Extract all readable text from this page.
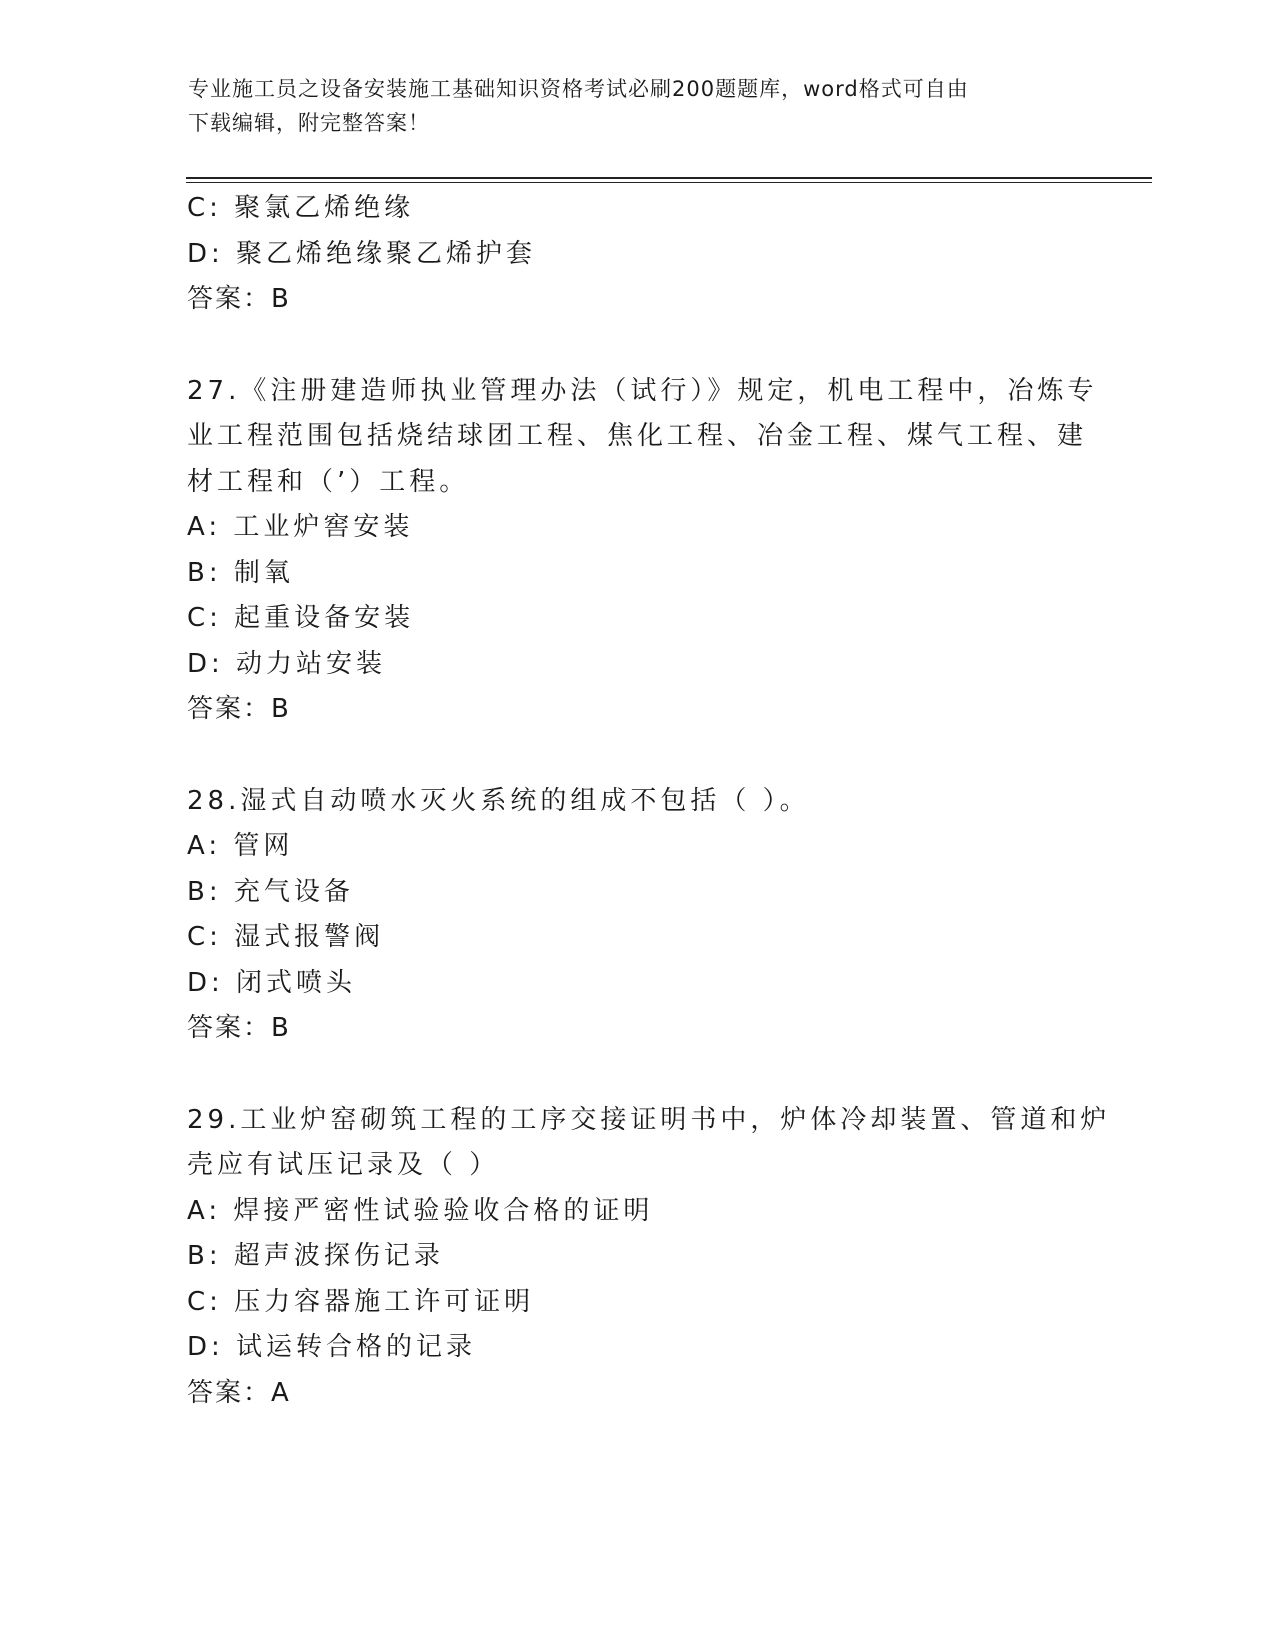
专业施工员之设备安装施工基础知识资格考试必刷200题题库，word格式可自由
下载编辑，附完整答案！
C: 聚氯乙烯绝缘
D: 聚乙烯绝缘聚乙烯护套
答案：B
27.《注册建造师执业管理办法（试行）》规定，机电工程中，冶炼专
业工程范围包括烧结球团工程、焦化工程、冶金工程、煤气工程、建
材工程和（’）工程。
A: 工业炉窖安装
B: 制氧
C: 起重设备安装
D: 动力站安装
答案：B
28.湿式自动喷水灭火系统的组成不包括（ ）。
A: 管网
B: 充气设备
C: 湿式报警阀
D: 闭式喷头
答案：B
29.工业炉窑砌筑工程的工序交接证明书中，炉体冷却装置、管道和炉
壳应有试压记录及（ ）
A: 焊接严密性试验验收合格的证明
B: 超声波探伤记录
C: 压力容器施工许可证明
D: 试运转合格的记录
答案：A
